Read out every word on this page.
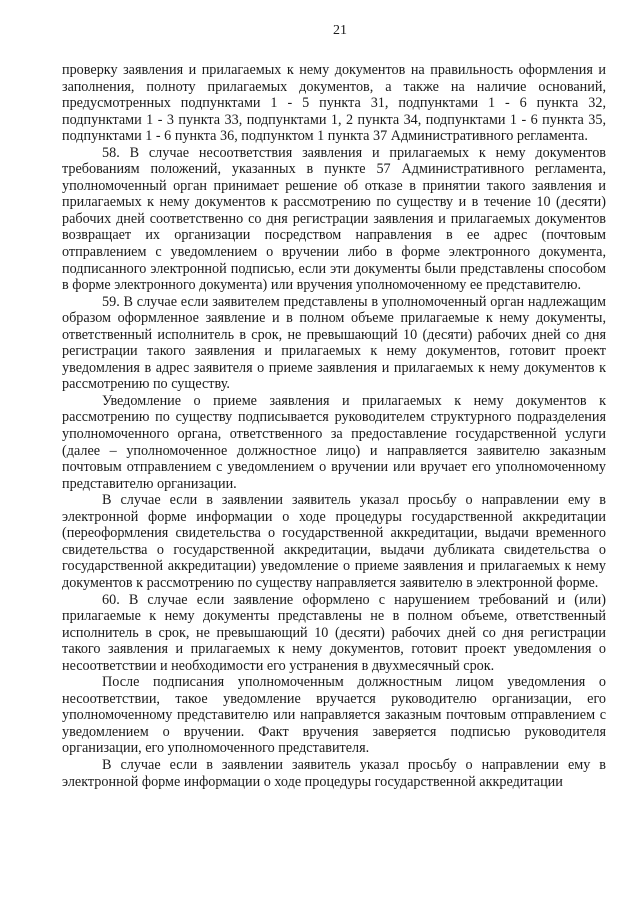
21

проверку заявления и прилагаемых к нему документов на правильность оформления и заполнения, полноту прилагаемых документов, а также на наличие оснований, предусмотренных подпунктами 1 - 5 пункта 31, подпунктами 1 - 6 пункта 32, подпунктами 1 - 3 пункта 33, подпунктами 1, 2 пункта 34, подпунктами 1 - 6 пункта 35, подпунктами 1 - 6 пункта 36, подпунктом 1 пункта 37 Административного регламента.

58. В случае несоответствия заявления и прилагаемых к нему документов требованиям положений, указанных в пункте 57 Административного регламента, уполномоченный орган принимает решение об отказе в принятии такого заявления и прилагаемых к нему документов к рассмотрению по существу и в течение 10 (десяти) рабочих дней соответственно со дня регистрации заявления и прилагаемых документов возвращает их организации посредством направления в ее адрес (почтовым отправлением с уведомлением о вручении либо в форме электронного документа, подписанного электронной подписью, если эти документы были представлены способом в форме электронного документа) или вручения уполномоченному ее представителю.

59. В случае если заявителем представлены в уполномоченный орган надлежащим образом оформленное заявление и в полном объеме прилагаемые к нему документы, ответственный исполнитель в срок, не превышающий 10 (десяти) рабочих дней со дня регистрации такого заявления и прилагаемых к нему документов, готовит проект уведомления в адрес заявителя о приеме заявления и прилагаемых к нему документов к рассмотрению по существу.

Уведомление о приеме заявления и прилагаемых к нему документов к рассмотрению по существу подписывается руководителем структурного подразделения уполномоченного органа, ответственного за предоставление государственной услуги (далее – уполномоченное должностное лицо) и направляется заявителю заказным почтовым отправлением с уведомлением о вручении или вручает его уполномоченному представителю организации.

В случае если в заявлении заявитель указал просьбу о направлении ему в электронной форме информации о ходе процедуры государственной аккредитации (переоформления свидетельства о государственной аккредитации, выдачи временного свидетельства о государственной аккредитации, выдачи дубликата свидетельства о государственной аккредитации) уведомление о приеме заявления и прилагаемых к нему документов к рассмотрению по существу направляется заявителю в электронной форме.

60. В случае если заявление оформлено с нарушением требований и (или) прилагаемые к нему документы представлены не в полном объеме, ответственный исполнитель в срок, не превышающий 10 (десяти) рабочих дней со дня регистрации такого заявления и прилагаемых к нему документов, готовит проект уведомления о несоответствии и необходимости его устранения в двухмесячный срок.

После подписания уполномоченным должностным лицом уведомления о несоответствии, такое уведомление вручается руководителю организации, его уполномоченному представителю или направляется заказным почтовым отправлением с уведомлением о вручении. Факт вручения заверяется подписью руководителя организации, его уполномоченного представителя.

В случае если в заявлении заявитель указал просьбу о направлении ему в электронной форме информации о ходе процедуры государственной аккредитации
